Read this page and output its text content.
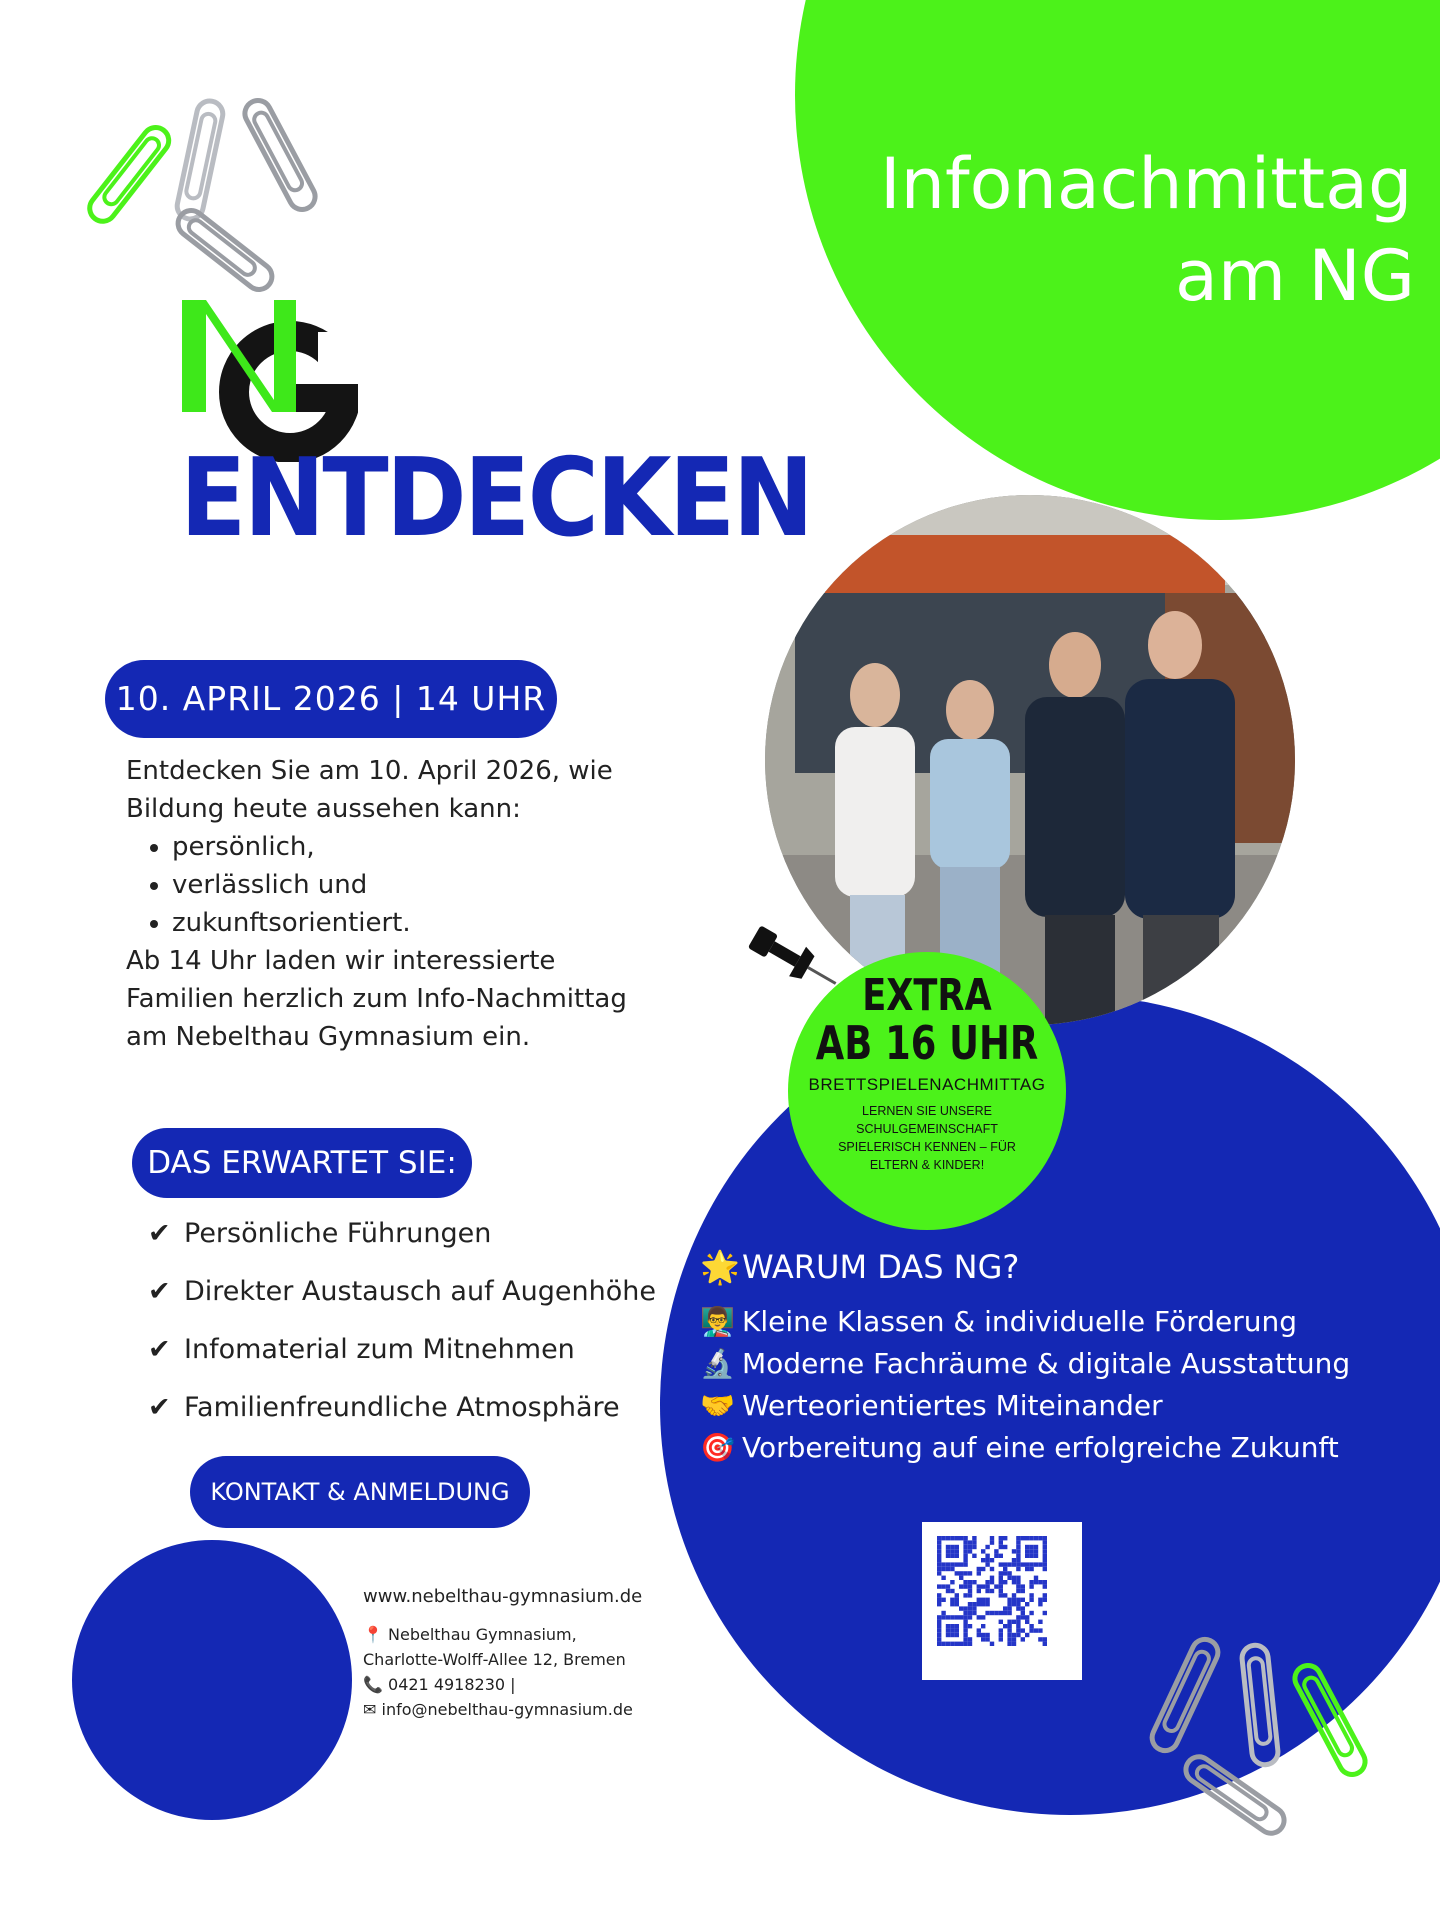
Infonachmittag
am NG
ENTDECKEN
10. APRIL 2026 | 14 UHR
Entdecken Sie am 10. April 2026, wie Bildung heute aussehen kann:
• persönlich,
• verlässlich und
• zukunftsorientiert.
Ab 14 Uhr laden wir interessierte Familien herzlich zum Info-Nachmittag am Nebelthau Gymnasium ein.
DAS ERWARTET SIE:
✔ Persönliche Führungen
✔ Direkter Austausch auf Augenhöhe
✔ Infomaterial zum Mitnehmen
✔ Familienfreundliche Atmosphäre
KONTAKT & ANMELDUNG
EXTRA
AB 16 UHR
BRETTSPIELENACHMITTAG
LERNEN SIE UNSERE SCHULGEMEINSCHAFT SPIELERISCH KENNEN – FÜR ELTERN & KINDER!
🌟WARUM DAS NG?
👨‍🏫 Kleine Klassen & individuelle Förderung
🔬 Moderne Fachräume & digitale Ausstattung
🤝 Werteorientiertes Miteinander
🎯 Vorbereitung auf eine erfolgreiche Zukunft
www.nebelthau-gymnasium.de
📍 Nebelthau Gymnasium,
Charlotte-Wolff-Allee 12, Bremen
📞 0421 4918230 |
✉ info@nebelthau-gymnasium.de
